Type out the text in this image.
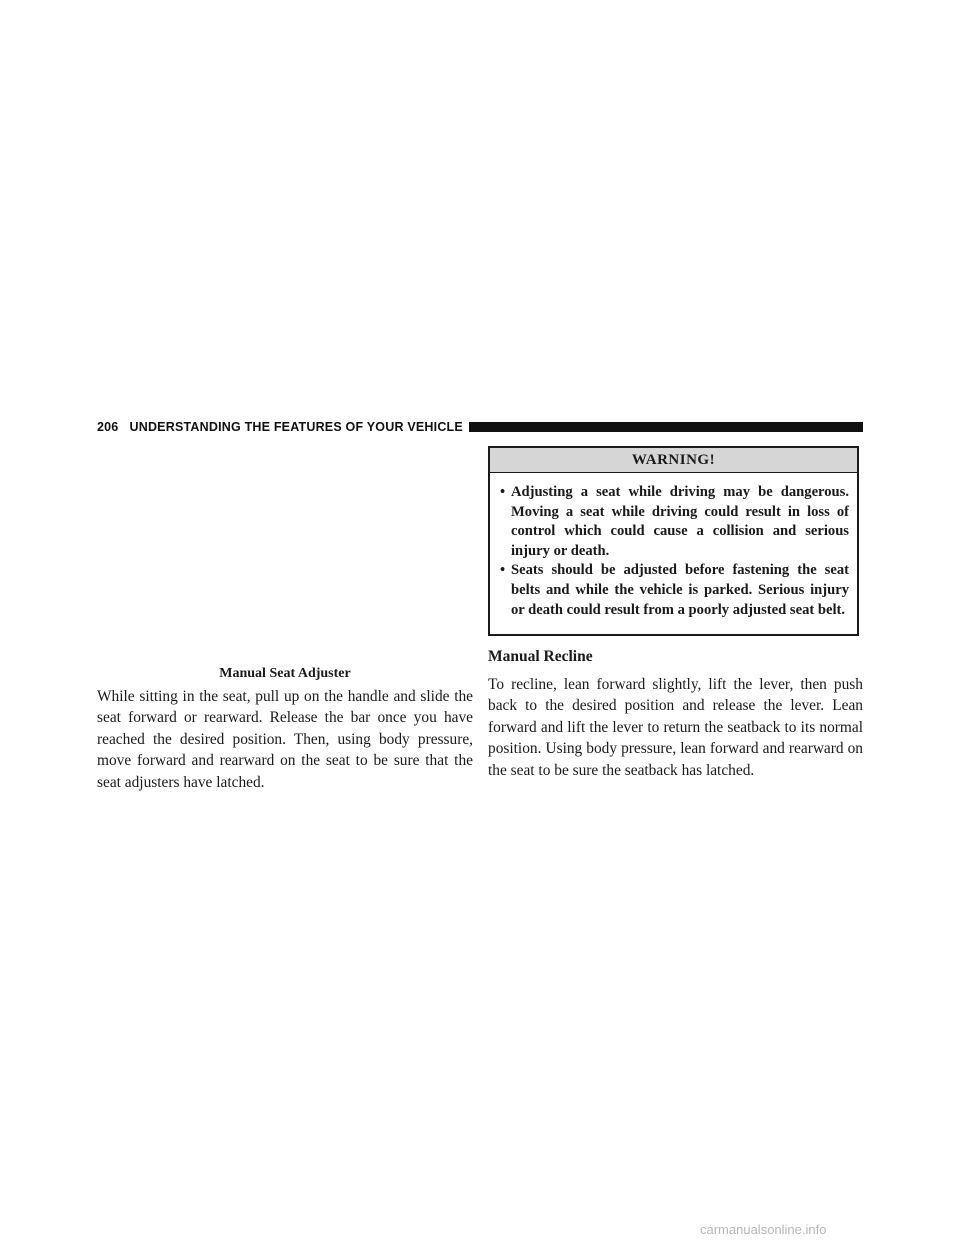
206 UNDERSTANDING THE FEATURES OF YOUR VEHICLE
Manual Seat Adjuster
While sitting in the seat, pull up on the handle and slide the seat forward or rearward. Release the bar once you have reached the desired position. Then, using body pressure, move forward and rearward on the seat to be sure that the seat adjusters have latched.
WARNING!
• Adjusting a seat while driving may be dangerous. Moving a seat while driving could result in loss of control which could cause a collision and serious injury or death.
• Seats should be adjusted before fastening the seat belts and while the vehicle is parked. Serious injury or death could result from a poorly adjusted seat belt.
Manual Recline
To recline, lean forward slightly, lift the lever, then push back to the desired position and release the lever. Lean forward and lift the lever to return the seatback to its normal position. Using body pressure, lean forward and rearward on the seat to be sure the seatback has latched.
carmanualsonline.info
